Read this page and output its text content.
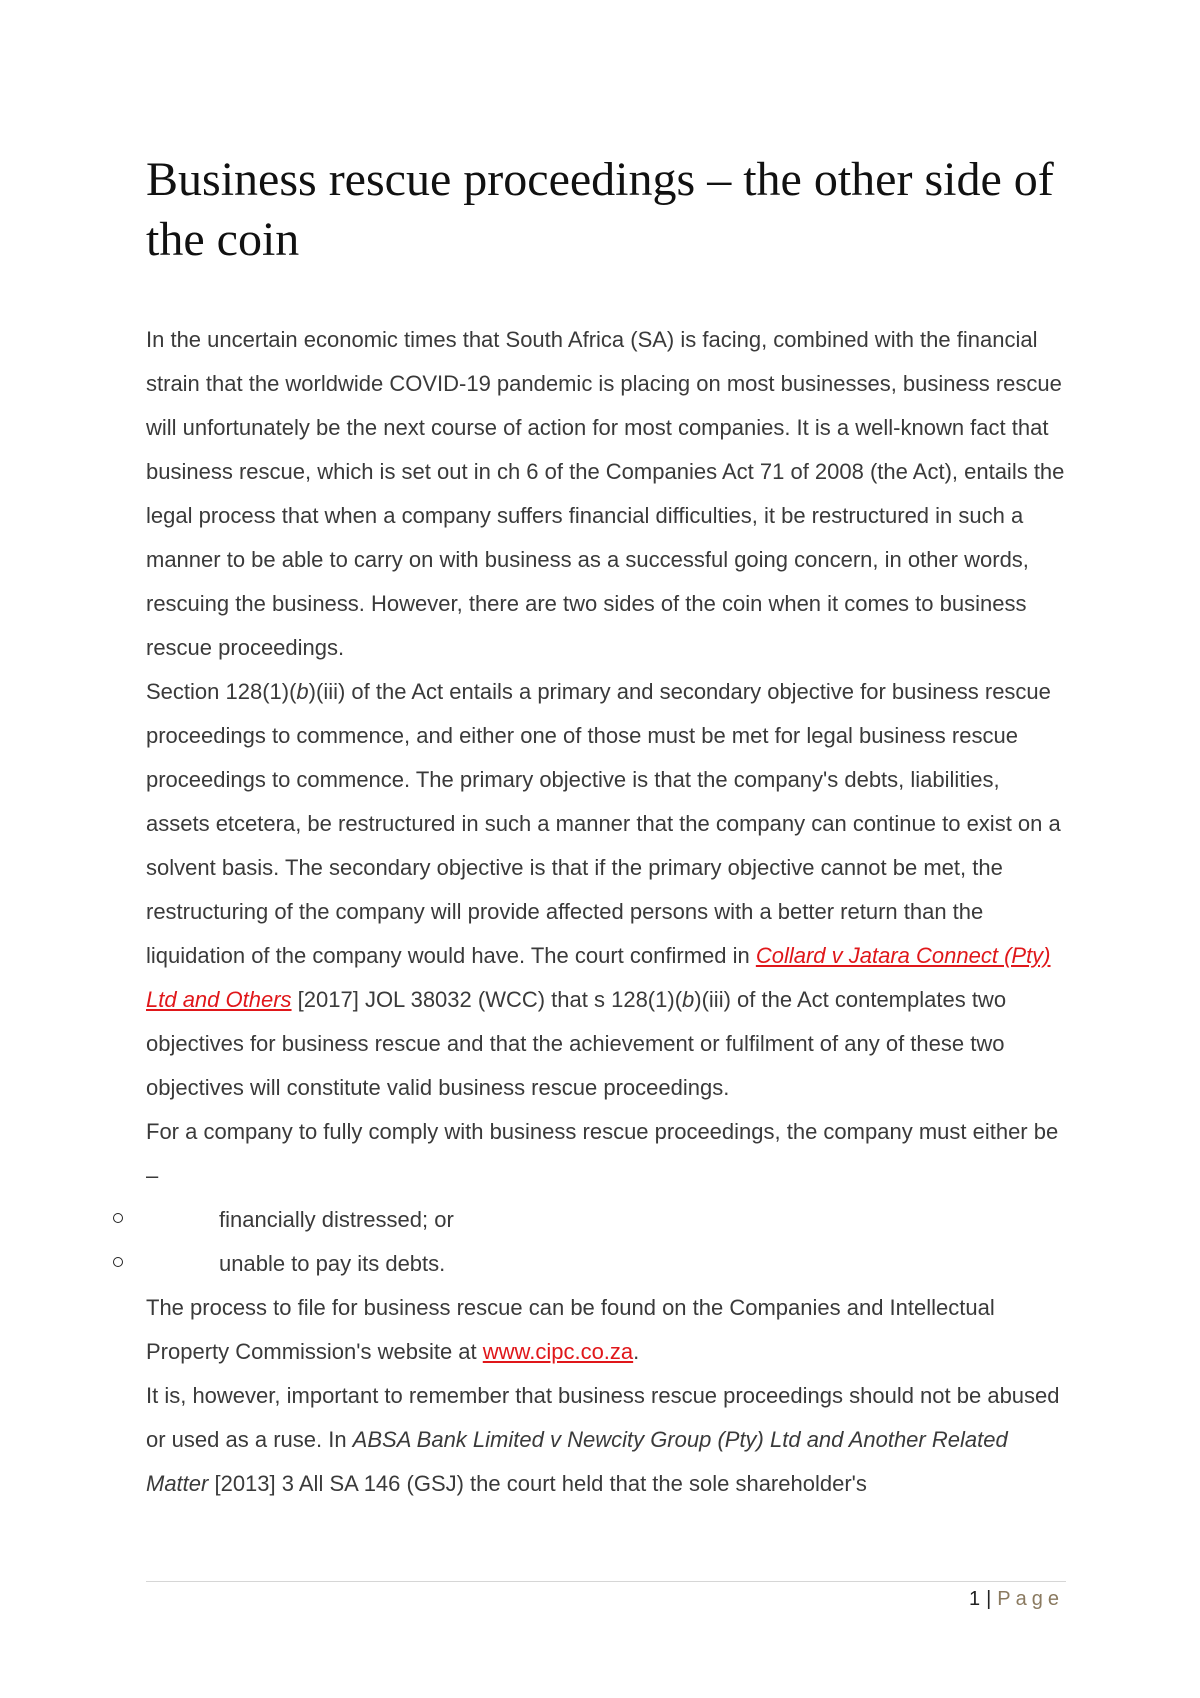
Business rescue proceedings – the other side of the coin

In the uncertain economic times that South Africa (SA) is facing, combined with the financial strain that the worldwide COVID-19 pandemic is placing on most businesses, business rescue will unfortunately be the next course of action for most companies. It is a well-known fact that business rescue, which is set out in ch 6 of the Companies Act 71 of 2008 (the Act), entails the legal process that when a company suffers financial difficulties, it be restructured in such a manner to be able to carry on with business as a successful going concern, in other words, rescuing the business. However, there are two sides of the coin when it comes to business rescue proceedings.

Section 128(1)(b)(iii) of the Act entails a primary and secondary objective for business rescue proceedings to commence, and either one of those must be met for legal business rescue proceedings to commence. The primary objective is that the company's debts, liabilities, assets etcetera, be restructured in such a manner that the company can continue to exist on a solvent basis. The secondary objective is that if the primary objective cannot be met, the restructuring of the company will provide affected persons with a better return than the liquidation of the company would have. The court confirmed in Collard v Jatara Connect (Pty) Ltd and Others [2017] JOL 38032 (WCC) that s 128(1)(b)(iii) of the Act contemplates two objectives for business rescue and that the achievement or fulfilment of any of these two objectives will constitute valid business rescue proceedings.

For a company to fully comply with business rescue proceedings, the company must either be –

financially distressed; or
unable to pay its debts.

The process to file for business rescue can be found on the Companies and Intellectual Property Commission's website at www.cipc.co.za.

It is, however, important to remember that business rescue proceedings should not be abused or used as a ruse. In ABSA Bank Limited v Newcity Group (Pty) Ltd and Another Related Matter [2013] 3 All SA 146 (GSJ) the court held that the sole shareholder's

1 | Page
